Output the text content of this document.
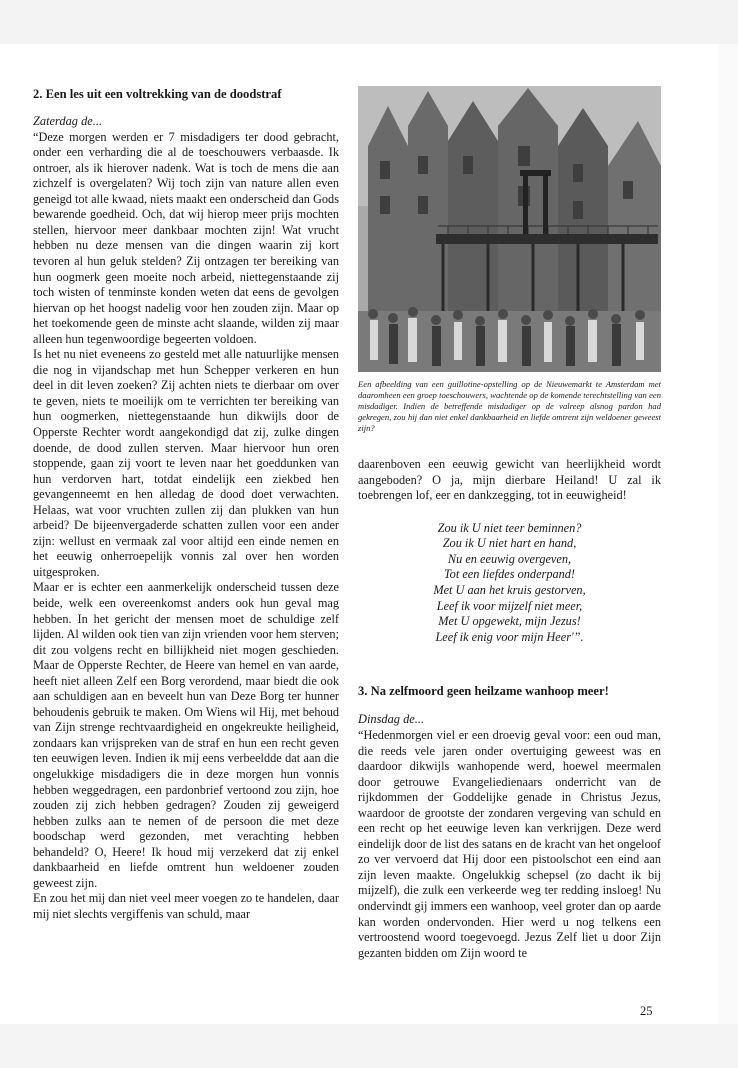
2. Een les uit een voltrekking van de doodstraf

Zaterdag de...

“Deze morgen werden er 7 misdadigers ter dood gebracht, onder een verharding die al de toeschouwers verbaasde. Ik ontroer, als ik hierover nadenk. Wat is toch de mens die aan zichzelf is overgelaten? Wij toch zijn van nature allen even geneigd tot alle kwaad, niets maakt een onderscheid dan Gods bewarende goedheid. Och, dat wij hierop meer prijs mochten stellen, hiervoor meer dankbaar mochten zijn! Wat vrucht hebben nu deze mensen van die dingen waarin zij kort tevoren al hun geluk stelden? Zij ontzagen ter bereiking van hun oogmerk geen moeite noch arbeid, niettegenstaande zij toch wisten of tenminste konden weten dat eens de gevolgen hiervan op het hoogst nadelig voor hen zouden zijn. Maar op het toekomende geen de minste acht slaande, wilden zij maar alleen hun tegenwoordige begeerten voldoen.

Is het nu niet eveneens zo gesteld met alle natuurlijke mensen die nog in vijandschap met hun Schepper verkeren en hun deel in dit leven zoeken? Zij achten niets te dierbaar om over te geven, niets te moeilijk om te verrichten ter bereiking van hun oogmerken, niettegenstaande hun dikwijls door de Opperste Rechter wordt aangekondigd dat zij, zulke dingen doende, de dood zullen sterven. Maar hiervoor hun oren stoppende, gaan zij voort te leven naar het goeddunken van hun verdorven hart, totdat eindelijk een ziekbed hen gevangenneemt en hen alledag de dood doet verwachten. Helaas, wat voor vruchten zullen zij dan plukken van hun arbeid? De bijeenvergaderde schatten zullen voor een ander zijn: wellust en vermaak zal voor altijd een einde nemen en het eeuwig onherroepelijk vonnis zal over hen worden uitgesproken.

Maar er is echter een aanmerkelijk onderscheid tussen deze beide, welk een overeenkomst anders ook hun geval mag hebben. In het gericht der mensen moet de schuldige zelf lijden. Al wilden ook tien van zijn vrienden voor hem sterven; dit zou volgens recht en billijkheid niet mogen geschieden. Maar de Opperste Rechter, de Heere van hemel en van aarde, heeft niet alleen Zelf een Borg verordend, maar biedt die ook aan schuldigen aan en beveelt hun van Deze Borg ter hunner behoudenis gebruik te maken. Om Wiens wil Hij, met behoud van Zijn strenge rechtvaardigheid en ongekreukte heiligheid, zondaars kan vrijspreken van de straf en hun een recht geven ten eeuwigen leven. Indien ik mij eens verbeeldde dat aan die ongelukkige misdadigers die in deze morgen hun vonnis hebben weggedragen, een pardonbrief vertoond zou zijn, hoe zouden zij zich hebben gedragen? Zouden zij geweigerd hebben zulks aan te nemen of de persoon die met deze boodschap werd gezonden, met verachting hebben behandeld? O, Heere! Ik houd mij verzekerd dat zij enkel dankbaarheid en liefde omtrent hun weldoener zouden geweest zijn.

En zou het mij dan niet veel meer voegen zo te handelen, daar mij niet slechts vergiffenis van schuld, maar

Een afbeelding van een guillotine-opstelling op de Nieuwemarkt te Amsterdam met daaromheen een groep toeschouwers, wachtende op de komende terechtstelling van een misdadiger. Indien de betreffende misdadiger op de valreep alsnog pardon had gekregen, zou hij dan niet enkel dankbaarheid en liefde omtrent zijn weldoener geweest zijn?

daarenboven een eeuwig gewicht van heerlijkheid wordt aangeboden? O ja, mijn dierbare Heiland! U zal ik toebrengen lof, eer en dankzegging, tot in eeuwigheid!

Zou ik U niet teer beminnen?
Zou ik U niet hart en hand,
Nu en eeuwig overgeven,
Tot een liefdes onderpand!
Met U aan het kruis gestorven,
Leef ik voor mijzelf niet meer,
Met U opgewekt, mijn Jezus!
Leef ik enig voor mijn Heer'”.
3. Na zelfmoord geen heilzame wanhoop meer!

Dinsdag de...

“Hedenmorgen viel er een droevig geval voor: een oud man, die reeds vele jaren onder overtuiging geweest was en daardoor dikwijls wanhopende werd, hoewel meermalen door getrouwe Evangeliedienaars onderricht van de rijkdommen der Goddelijke genade in Christus Jezus, waardoor de grootste der zondaren vergeving van schuld en een recht op het eeuwige leven kan verkrijgen. Deze werd eindelijk door de list des satans en de kracht van het ongeloof zo ver vervoerd dat Hij door een pistoolschot een eind aan zijn leven maakte. Ongelukkig schepsel (zo dacht ik bij mijzelf), die zulk een verkeerde weg ter redding insloeg! Nu ondervindt gij immers een wanhoop, veel groter dan op aarde kan worden ondervonden. Hier werd u nog telkens een vertroostend woord toegevoegd. Jezus Zelf liet u door Zijn gezanten bidden om Zijn woord te

25
